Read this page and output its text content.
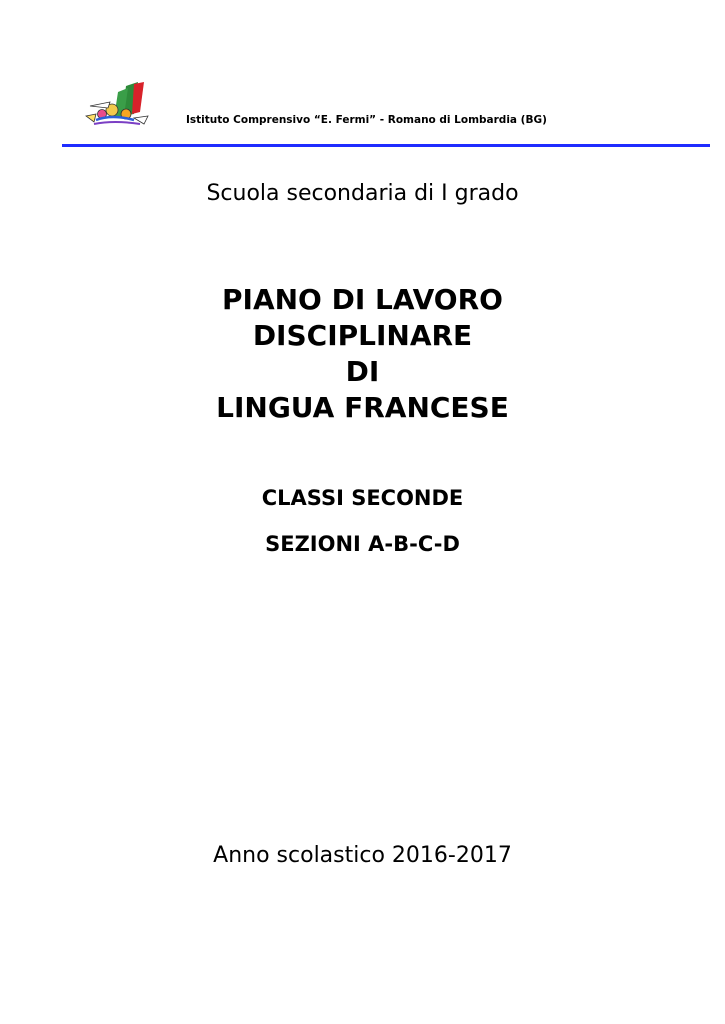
Istituto Comprensivo “E. Fermi” - Romano di Lombardia (BG)
Scuola secondaria di I grado
PIANO DI LAVORO
DISCIPLINARE
DI
LINGUA FRANCESE
CLASSI SECONDE
SEZIONI A-B-C-D
Anno scolastico 2016-2017
